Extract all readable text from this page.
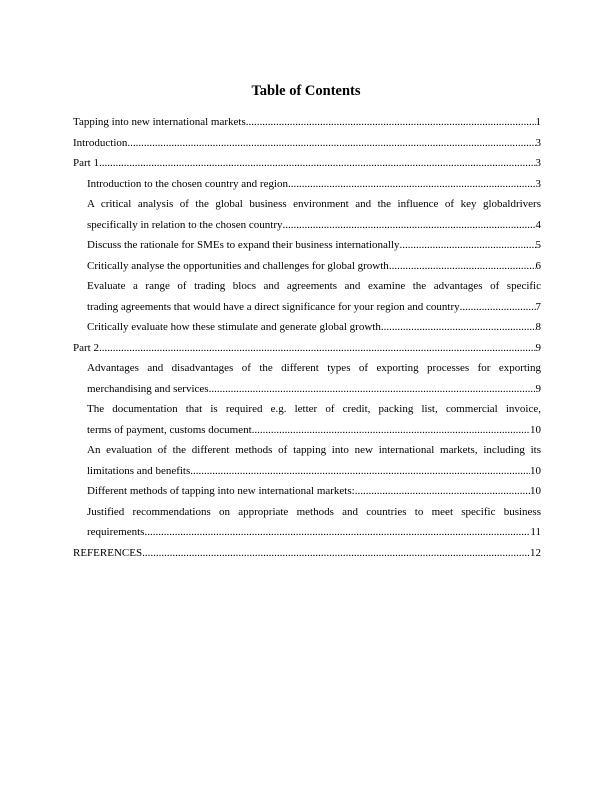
Table of Contents
Tapping into new international markets .....	1
Introduction .....	3
Part 1 .....	3
Introduction to the chosen country and region .....	3
A critical analysis of the global business environment and the influence of key globaldrivers
specifically in relation to the chosen country .....	4
Discuss the rationale for SMEs to expand their business internationally .....	5
Critically analyse the opportunities and challenges for global growth .....	6
Evaluate a range of trading blocs and agreements and examine the advantages of specific
trading agreements that would have a direct significance for your region and country .....	7
Critically evaluate how these stimulate and generate global growth .....	8
Part 2 .....	9
Advantages and disadvantages of the different types of exporting processes for exporting
merchandising and services .....	9
The documentation that is required e.g. letter of credit, packing list, commercial invoice,
terms of payment, customs document .....	10
An evaluation of the different methods of tapping into new international markets, including its
limitations and benefits .....	10
Different methods of tapping into new international markets: .....	10
Justified recommendations on appropriate methods and countries to meet specific business
requirements .....	11
REFERENCES .....	12
